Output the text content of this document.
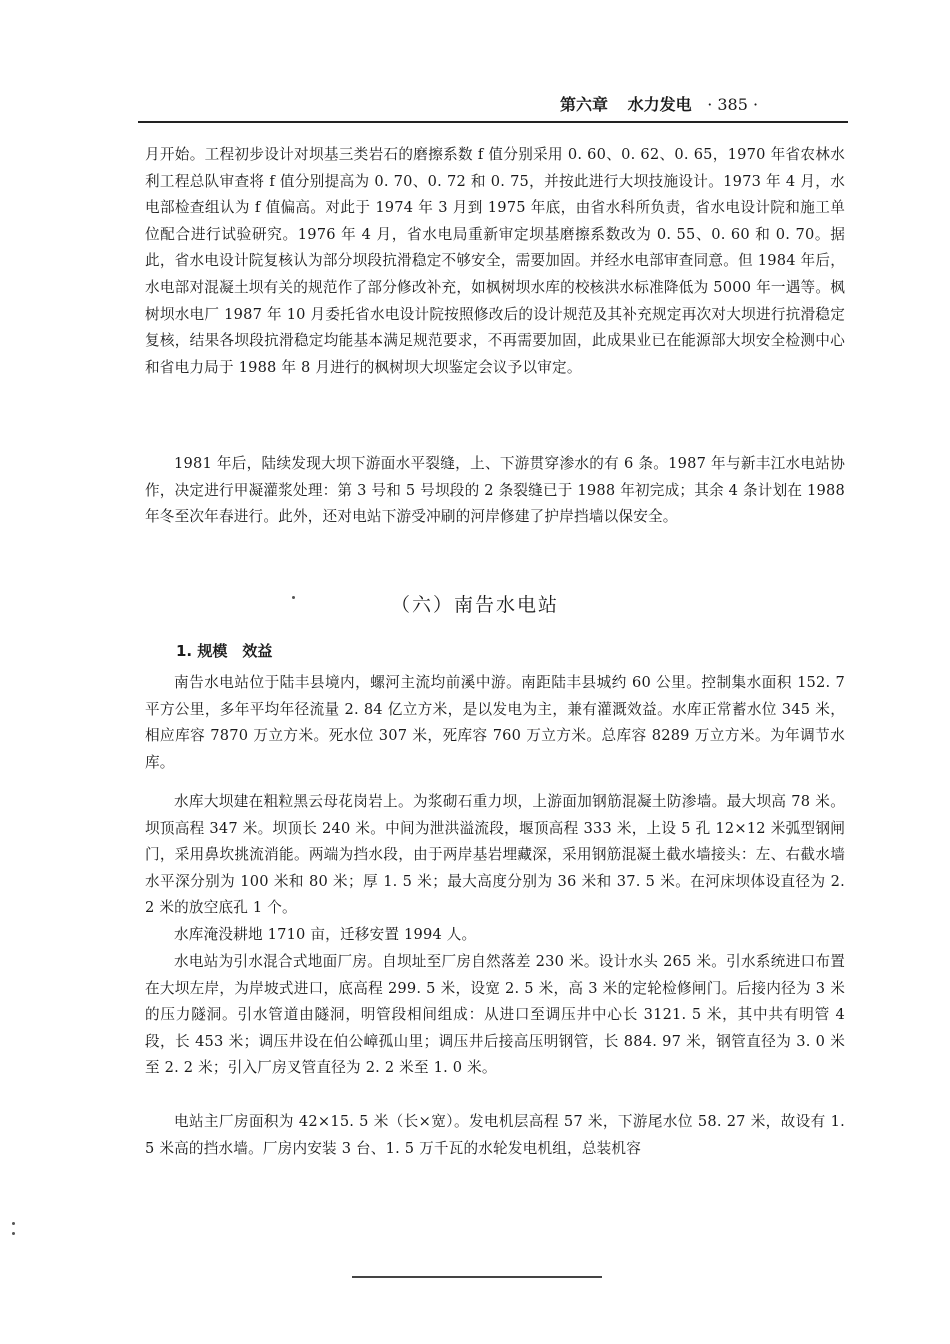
第六章 水力发电 · 385 ·
月开始。工程初步设计对坝基三类岩石的磨擦系数 f 值分别采用 0. 60、0. 62、0. 65，1970 年省农林水利工程总队审查将 f 值分别提高为 0. 70、0. 72 和 0. 75，并按此进行大坝技施设计。1973 年 4 月，水电部检查组认为 f 值偏高。对此于 1974 年 3 月到 1975 年底，由省水科所负责，省水电设计院和施工单位配合进行试验研究。1976 年 4 月，省水电局重新审定坝基磨擦系数改为 0. 55、0. 60 和 0. 70。据此，省水电设计院复核认为部分坝段抗滑稳定不够安全，需要加固。并经水电部审查同意。但 1984 年后，水电部对混凝土坝有关的规范作了部分修改补充，如枫树坝水库的校核洪水标准降低为 5000 年一遇等。枫树坝水电厂 1987 年 10 月委托省水电设计院按照修改后的设计规范及其补充规定再次对大坝进行抗滑稳定复核，结果各坝段抗滑稳定均能基本满足规范要求，不再需要加固，此成果业已在能源部大坝安全检测中心和省电力局于 1988 年 8 月进行的枫树坝大坝鉴定会议予以审定。
1981 年后，陆续发现大坝下游面水平裂缝，上、下游贯穿渗水的有 6 条。1987 年与新丰江水电站协作，决定进行甲凝灌浆处理：第 3 号和 5 号坝段的 2 条裂缝已于 1988 年初完成；其余 4 条计划在 1988 年冬至次年春进行。此外，还对电站下游受冲刷的河岸修建了护岸挡墙以保安全。
（六）南告水电站
1. 规模　效益
南告水电站位于陆丰县境内，螺河主流均前溪中游。南距陆丰县城约 60 公里。控制集水面积 152. 7 平方公里，多年平均年径流量 2. 84 亿立方米，是以发电为主，兼有灌溉效益。水库正常蓄水位 345 米，相应库容 7870 万立方米。死水位 307 米，死库容 760 万立方米。总库容 8289 万立方米。为年调节水库。
水库大坝建在粗粒黑云母花岗岩上。为浆砌石重力坝，上游面加钢筋混凝土防渗墙。最大坝高 78 米。坝顶高程 347 米。坝顶长 240 米。中间为泄洪溢流段，堰顶高程 333 米，上设 5 孔 12×12 米弧型钢闸门，采用鼻坎挑流消能。两端为挡水段，由于两岸基岩埋藏深，采用钢筋混凝土截水墙接头：左、右截水墙水平深分别为 100 米和 80 米；厚 1. 5 米；最大高度分别为 36 米和 37. 5 米。在河床坝体设直径为 2. 2 米的放空底孔 1 个。
水库淹没耕地 1710 亩，迁移安置 1994 人。
水电站为引水混合式地面厂房。自坝址至厂房自然落差 230 米。设计水头 265 米。引水系统进口布置在大坝左岸，为岸坡式进口，底高程 299. 5 米，设宽 2. 5 米，高 3 米的定轮检修闸门。后接内径为 3 米的压力隧洞。引水管道由隧洞，明管段相间组成：从进口至调压井中心长 3121. 5 米，其中共有明管 4 段，长 453 米；调压井设在伯公嶂孤山里；调压井后接高压明钢管，长 884. 97 米，钢管直径为 3. 0 米至 2. 2 米；引入厂房叉管直径为 2. 2 米至 1. 0 米。
电站主厂房面积为 42×15. 5 米（长×宽）。发电机层高程 57 米，下游尾水位 58. 27 米，故设有 1. 5 米高的挡水墙。厂房内安装 3 台、1. 5 万千瓦的水轮发电机组，总装机容
